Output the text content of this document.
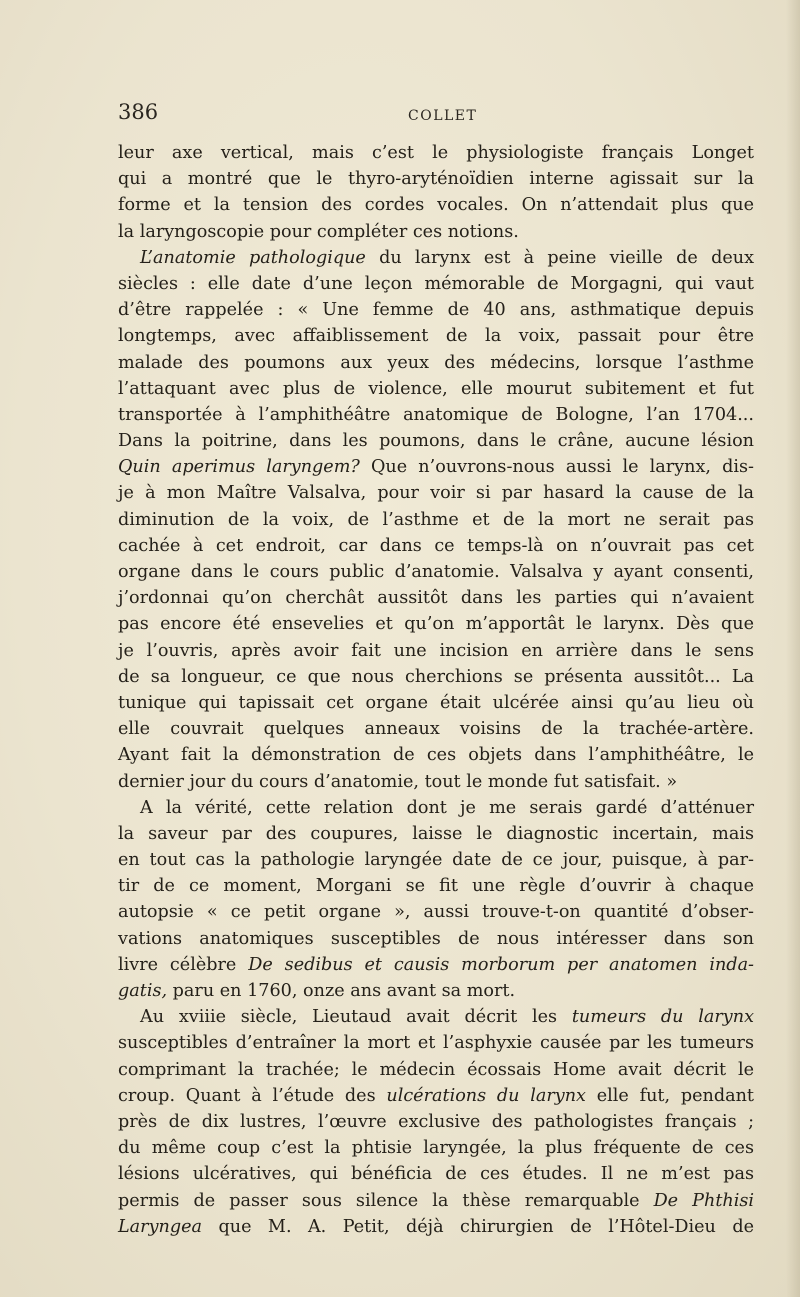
386	COLLET
leur axe vertical, mais c’est le physiologiste français Longet
qui a montré que le thyro-aryténoïdien interne agissait sur la
forme et la tension des cordes vocales. On n’attendait plus que
la laryngoscopie pour compléter ces notions.
L’anatomie pathologique du larynx est à peine vieille de deux
siècles : elle date d’une leçon mémorable de Morgagni, qui vaut
d’être rappelée : « Une femme de 40 ans, asthmatique depuis
longtemps, avec affaiblissement de la voix, passait pour être
malade des poumons aux yeux des médecins, lorsque l’asthme
l’attaquant avec plus de violence, elle mourut subitement et fut
transportée à l’amphithéâtre anatomique de Bologne, l’an 1704...
Dans la poitrine, dans les poumons, dans le crâne, aucune lésion
Quin aperimus laryngem? Que n’ouvrons-nous aussi le larynx, dis-
je à mon Maître Valsalva, pour voir si par hasard la cause de la
diminution de la voix, de l’asthme et de la mort ne serait pas
cachée à cet endroit, car dans ce temps-là on n’ouvrait pas cet
organe dans le cours public d’anatomie. Valsalva y ayant consenti,
j’ordonnai qu’on cherchât aussitôt dans les parties qui n’avaient
pas encore été ensevelies et qu’on m’apportât le larynx. Dès que
je l’ouvris, après avoir fait une incision en arrière dans le sens
de sa longueur, ce que nous cherchions se présenta aussitôt... La
tunique qui tapissait cet organe était ulcérée ainsi qu’au lieu où
elle couvrait quelques anneaux voisins de la trachée-artère.
Ayant fait la démonstration de ces objets dans l’amphithéâtre, le
dernier jour du cours d’anatomie, tout le monde fut satisfait. »
A la vérité, cette relation dont je me serais gardé d’atténuer
la saveur par des coupures, laisse le diagnostic incertain, mais
en tout cas la pathologie laryngée date de ce jour, puisque, à par-
tir de ce moment, Morgani se fit une règle d’ouvrir à chaque
autopsie « ce petit organe », aussi trouve-t-on quantité d’obser-
vations anatomiques susceptibles de nous intéresser dans son
livre célèbre De sedibus et causis morborum per anatomen inda-
gatis, paru en 1760, onze ans avant sa mort.
Au xviiie siècle, Lieutaud avait décrit les tumeurs du larynx
susceptibles d’entraîner la mort et l’asphyxie causée par les tumeurs
comprimant la trachée; le médecin écossais Home avait décrit le
croup. Quant à l’étude des ulcérations du larynx elle fut, pendant
près de dix lustres, l’œuvre exclusive des pathologistes français ;
du même coup c’est la phtisie laryngée, la plus fréquente de ces
lésions ulcératives, qui bénéficia de ces études. Il ne m’est pas
permis de passer sous silence la thèse remarquable De Phthisi
Laryngea que M. A. Petit, déjà chirurgien de l’Hôtel-Dieu de
